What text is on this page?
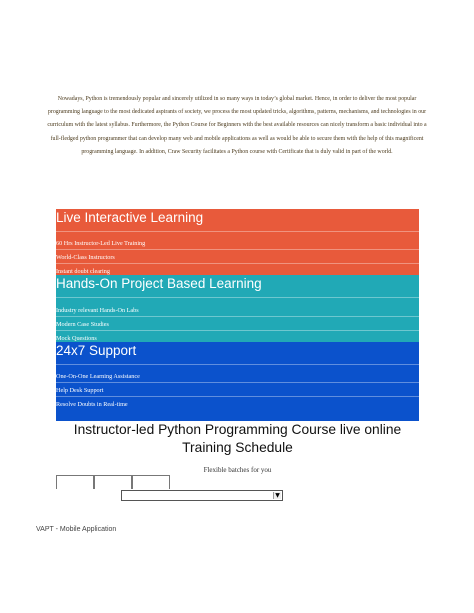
Nowadays, Python is tremendously popular and sincerely utilized in so many ways in today’s global market. Hence, in order to deliver the most popular programming language to the most dedicated aspirants of society, we process the most updated tricks, algorithms, patterns, mechanisms, and technologies in our curriculum with the latest syllabus. Furthermore, the Python Course for Beginners with the best available resources can nicely transform a basic individual into a full-fledged python programmer that can develop many web and mobile applications as well as would be able to secure them with the help of this magnificent programming language. In addition, Craw Security facilitates a Python course with Certificate that is duly valid in part of the world.

Live Interactive Learning
60 Hrs Instructor-Led Live Training
World-Class Instructors
Instant doubt clearing
Hands-On Project Based Learning
Industry relevant Hands-On Labs
Modern Case Studies
Mock Questions
24x7 Support
One-On-One Learning Assistance
Help Desk Support
Resolve Doubts in Real-time
Instructor-led Python Programming Course live online Training Schedule
Flexible batches for you
▼
VAPT - Mobile Application
